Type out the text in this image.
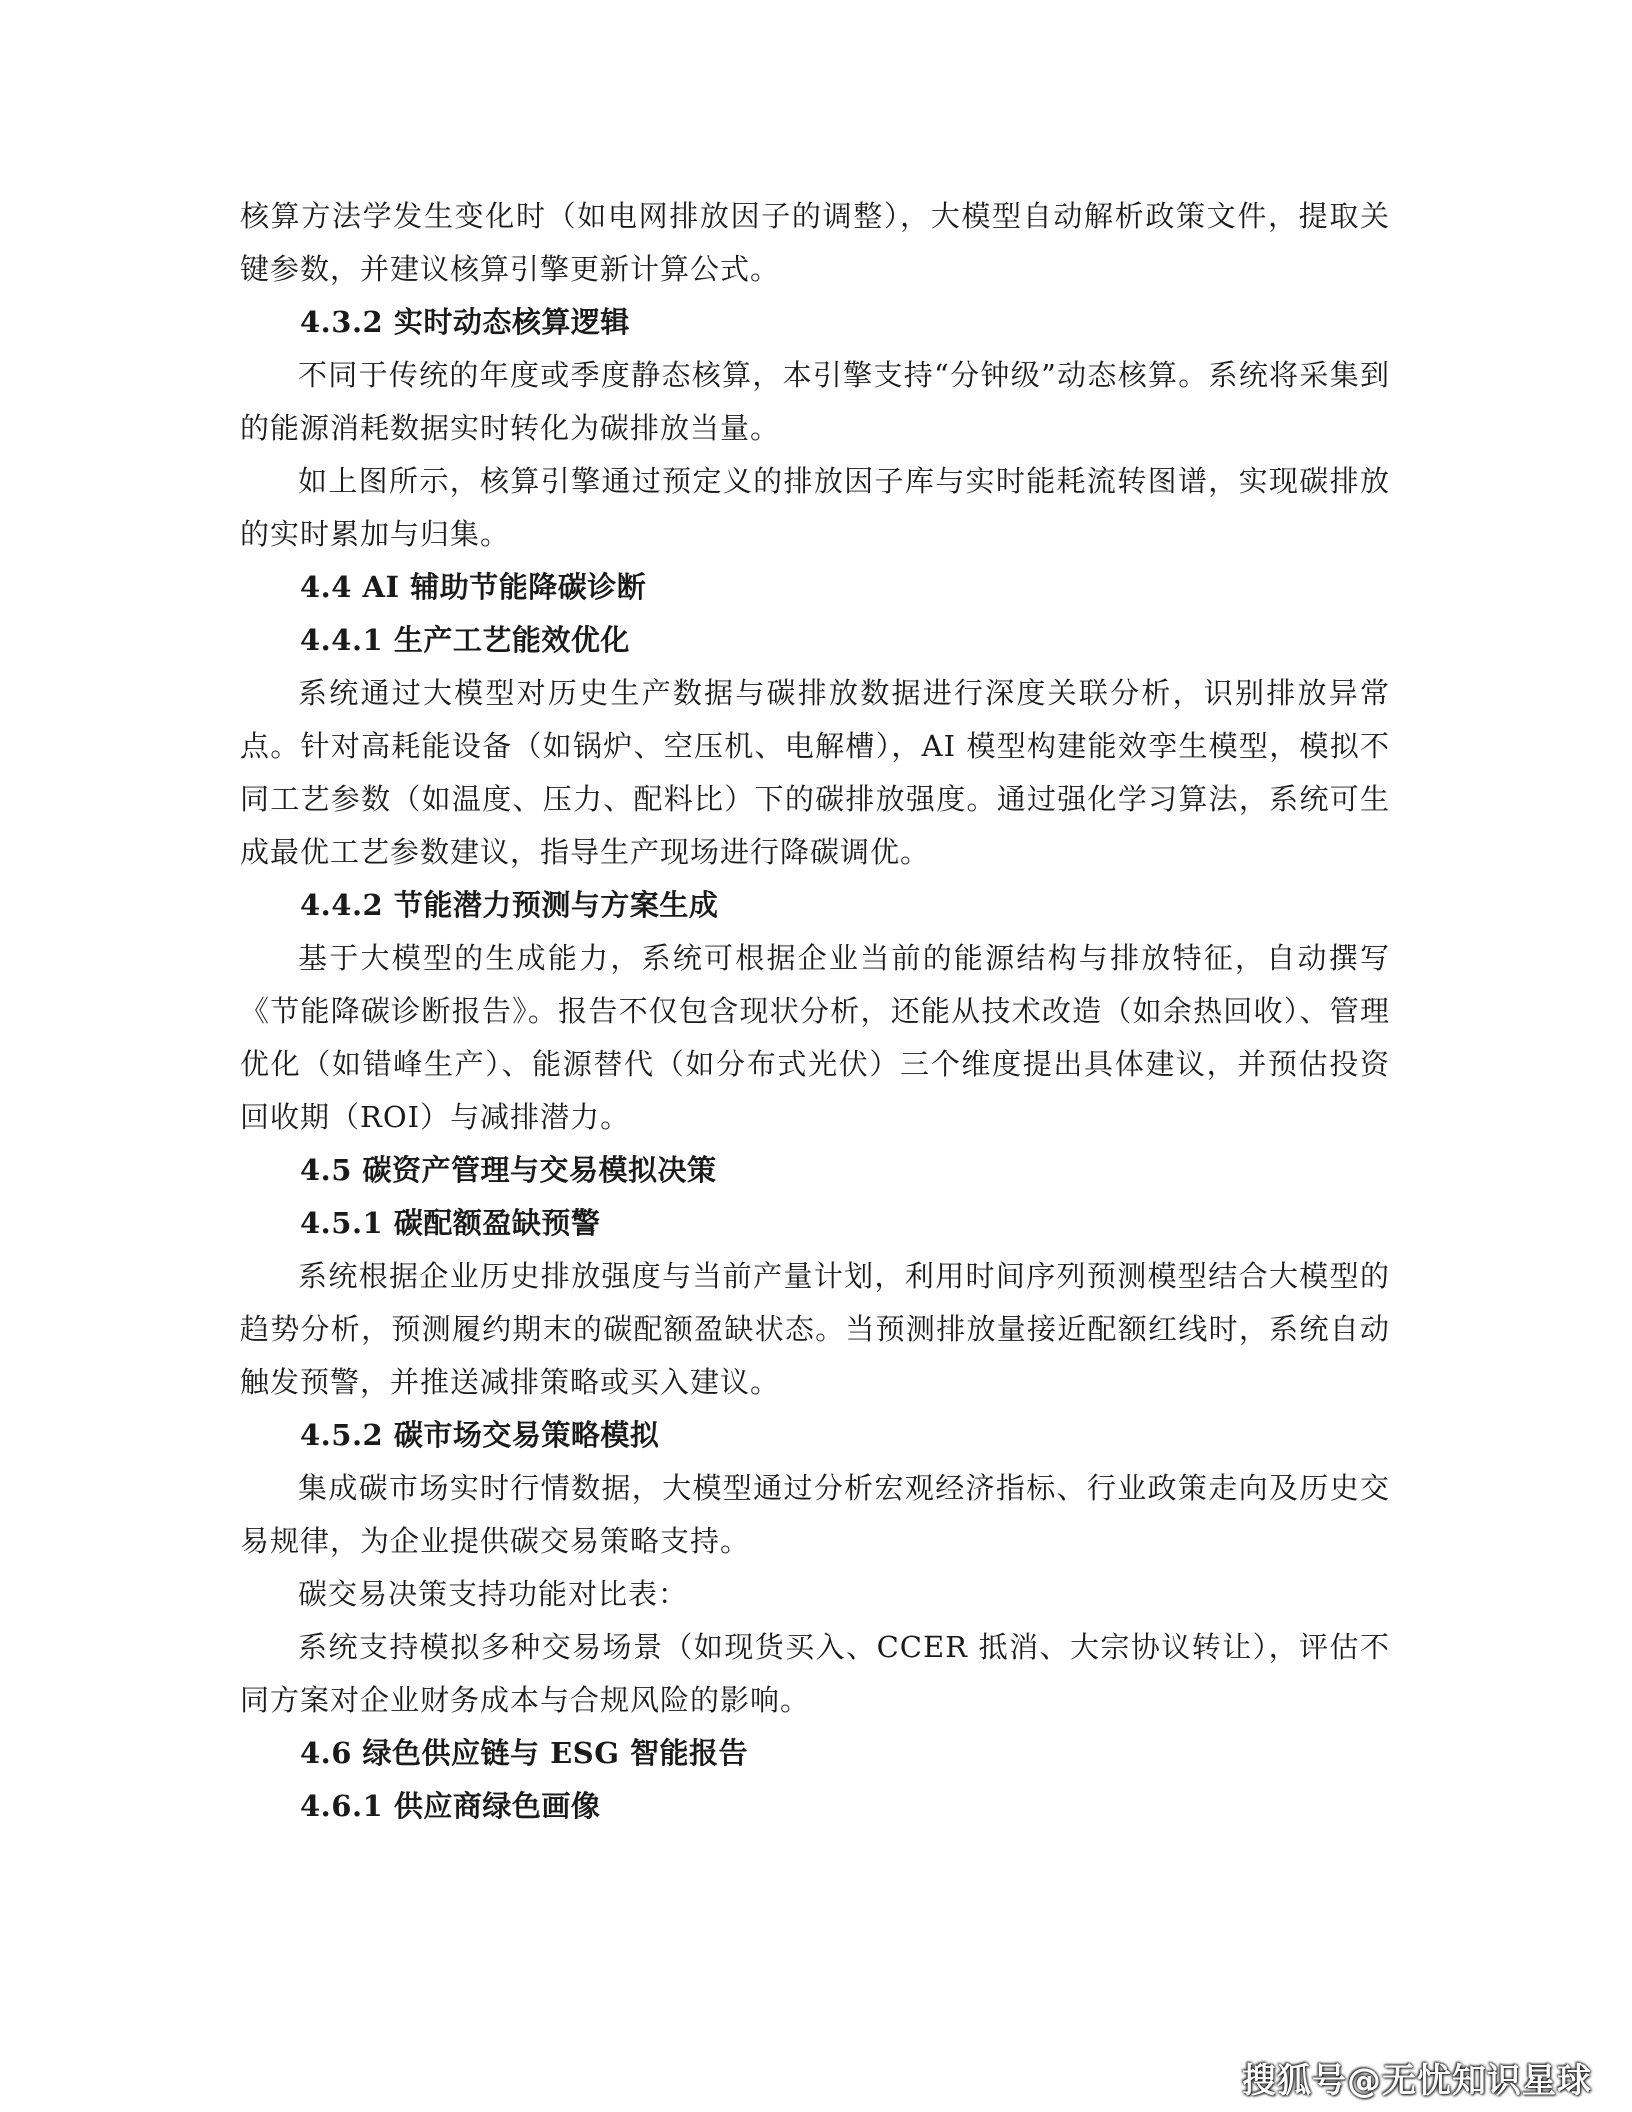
核算方法学发生变化时（如电网排放因子的调整），大模型自动解析政策文件，提取关键参数，并建议核算引擎更新计算公式。

4.3.2 实时动态核算逻辑

不同于传统的年度或季度静态核算，本引擎支持“分钟级”动态核算。系统将采集到的能源消耗数据实时转化为碳排放当量。

如上图所示，核算引擎通过预定义的排放因子库与实时能耗流转图谱，实现碳排放的实时累加与归集。

4.4 AI 辅助节能降碳诊断
4.4.1 生产工艺能效优化

系统通过大模型对历史生产数据与碳排放数据进行深度关联分析，识别排放异常点。针对高耗能设备（如锅炉、空压机、电解槽），AI 模型构建能效孪生模型，模拟不同工艺参数（如温度、压力、配料比）下的碳排放强度。通过强化学习算法，系统可生成最优工艺参数建议，指导生产现场进行降碳调优。

4.4.2 节能潜力预测与方案生成

基于大模型的生成能力，系统可根据企业当前的能源结构与排放特征，自动撰写《节能降碳诊断报告》。报告不仅包含现状分析，还能从技术改造（如余热回收）、管理优化（如错峰生产）、能源替代（如分布式光伏）三个维度提出具体建议，并预估投资回收期（ROI）与减排潜力。

4.5 碳资产管理与交易模拟决策
4.5.1 碳配额盈缺预警

系统根据企业历史排放强度与当前产量计划，利用时间序列预测模型结合大模型的趋势分析，预测履约期末的碳配额盈缺状态。当预测排放量接近配额红线时，系统自动触发预警，并推送减排策略或买入建议。

4.5.2 碳市场交易策略模拟

集成碳市场实时行情数据，大模型通过分析宏观经济指标、行业政策走向及历史交易规律，为企业提供碳交易策略支持。

碳交易决策支持功能对比表：

系统支持模拟多种交易场景（如现货买入、CCER 抵消、大宗协议转让），评估不同方案对企业财务成本与合规风险的影响。

4.6 绿色供应链与 ESG 智能报告
4.6.1 供应商绿色画像
搜狐号@无忧知识星球
